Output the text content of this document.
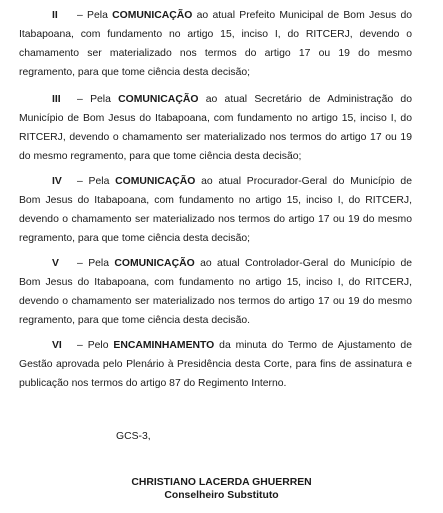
II – Pela COMUNICAÇÃO ao atual Prefeito Municipal de Bom Jesus do Itabapoana, com fundamento no artigo 15, inciso I, do RITCERJ, devendo o chamamento ser materializado nos termos do artigo 17 ou 19 do mesmo regramento, para que tome ciência desta decisão;

III – Pela COMUNICAÇÃO ao atual Secretário de Administração do Município de Bom Jesus do Itabapoana, com fundamento no artigo 15, inciso I, do RITCERJ, devendo o chamamento ser materializado nos termos do artigo 17 ou 19 do mesmo regramento, para que tome ciência desta decisão;

IV – Pela COMUNICAÇÃO ao atual Procurador-Geral do Município de Bom Jesus do Itabapoana, com fundamento no artigo 15, inciso I, do RITCERJ, devendo o chamamento ser materializado nos termos do artigo 17 ou 19 do mesmo regramento, para que tome ciência desta decisão;

V – Pela COMUNICAÇÃO ao atual Controlador-Geral do Município de Bom Jesus do Itabapoana, com fundamento no artigo 15, inciso I, do RITCERJ, devendo o chamamento ser materializado nos termos do artigo 17 ou 19 do mesmo regramento, para que tome ciência desta decisão.

VI – Pelo ENCAMINHAMENTO da minuta do Termo de Ajustamento de Gestão aprovada pelo Plenário à Presidência desta Corte, para fins de assinatura e publicação nos termos do artigo 87 do Regimento Interno.

GCS-3,

CHRISTIANO LACERDA GHUERREN

Conselheiro Substituto
